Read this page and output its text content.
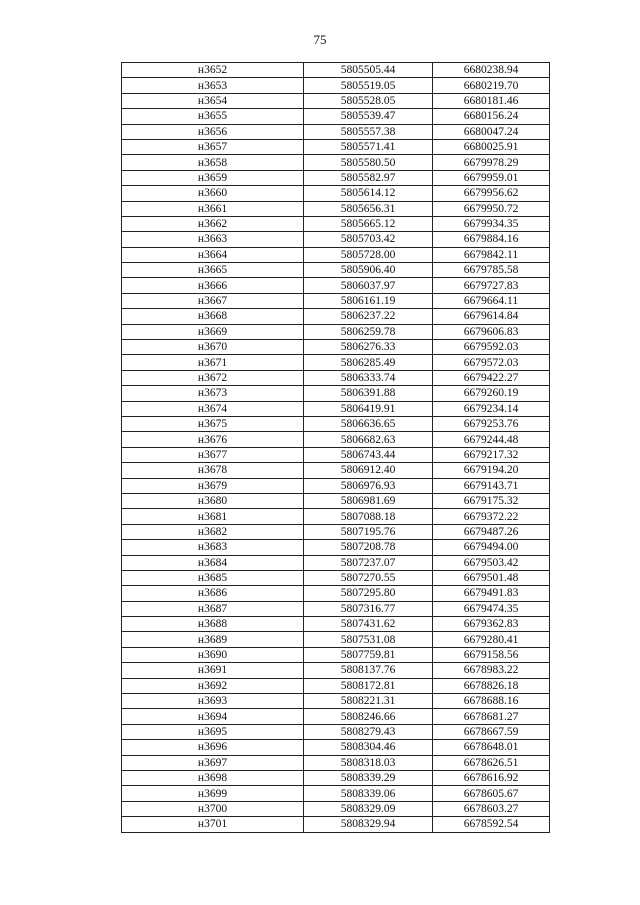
75
н3652	5805505.44	6680238.94
н3653	5805519.05	6680219.70
н3654	5805528.05	6680181.46
н3655	5805539.47	6680156.24
н3656	5805557.38	6680047.24
н3657	5805571.41	6680025.91
н3658	5805580.50	6679978.29
н3659	5805582.97	6679959.01
н3660	5805614.12	6679956.62
н3661	5805656.31	6679950.72
н3662	5805665.12	6679934.35
н3663	5805703.42	6679884.16
н3664	5805728.00	6679842.11
н3665	5805906.40	6679785.58
н3666	5806037.97	6679727.83
н3667	5806161.19	6679664.11
н3668	5806237.22	6679614.84
н3669	5806259.78	6679606.83
н3670	5806276.33	6679592.03
н3671	5806285.49	6679572.03
н3672	5806333.74	6679422.27
н3673	5806391.88	6679260.19
н3674	5806419.91	6679234.14
н3675	5806636.65	6679253.76
н3676	5806682.63	6679244.48
н3677	5806743.44	6679217.32
н3678	5806912.40	6679194.20
н3679	5806976.93	6679143.71
н3680	5806981.69	6679175.32
н3681	5807088.18	6679372.22
н3682	5807195.76	6679487.26
н3683	5807208.78	6679494.00
н3684	5807237.07	6679503.42
н3685	5807270.55	6679501.48
н3686	5807295.80	6679491.83
н3687	5807316.77	6679474.35
н3688	5807431.62	6679362.83
н3689	5807531.08	6679280.41
н3690	5807759.81	6679158.56
н3691	5808137.76	6678983.22
н3692	5808172.81	6678826.18
н3693	5808221.31	6678688.16
н3694	5808246.66	6678681.27
н3695	5808279.43	6678667.59
н3696	5808304.46	6678648.01
н3697	5808318.03	6678626.51
н3698	5808339.29	6678616.92
н3699	5808339.06	6678605.67
н3700	5808329.09	6678603.27
н3701	5808329.94	6678592.54
